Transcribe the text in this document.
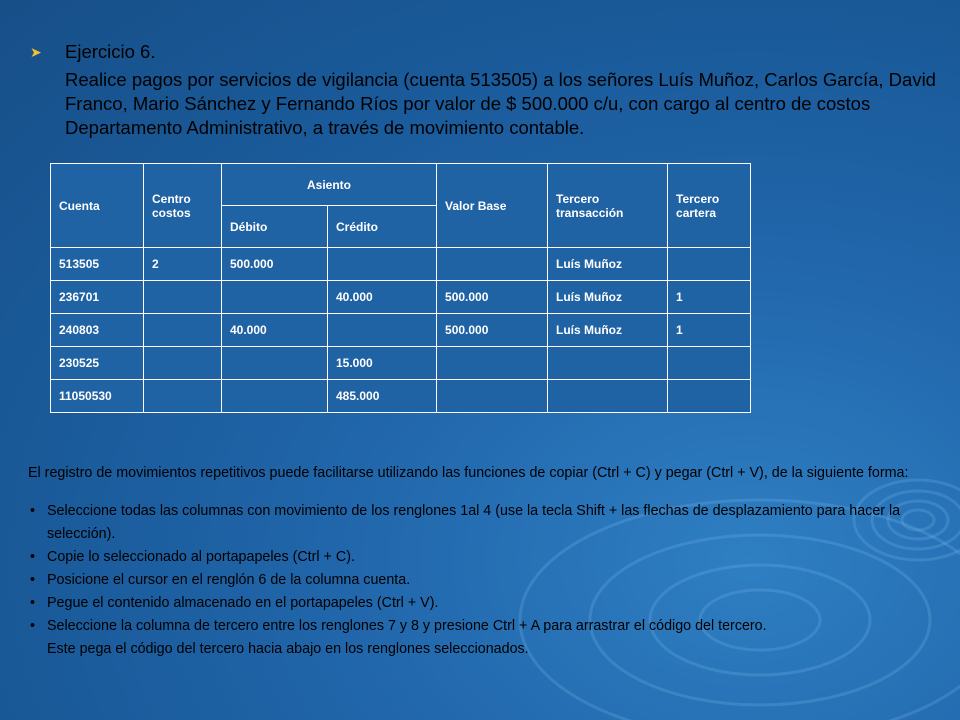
➤ Ejercicio 6.
Realice pagos por servicios de vigilancia (cuenta 513505) a los señores Luís Muñoz, Carlos García, David Franco, Mario Sánchez y Fernando Ríos por valor de $ 500.000 c/u, con cargo al centro de costos Departamento Administrativo, a través de movimiento contable.
Cuenta	Centro costos	Asiento		Valor Base	Tercero transacción	Tercero cartera
		Débito	Crédito			
513505	2	500.000			Luís Muñoz	
236701			40.000	500.000	Luís Muñoz	1
240803		40.000		500.000	Luís Muñoz	1
230525			15.000			
11050530			485.000			

El registro de movimientos repetitivos puede facilitarse utilizando las funciones de copiar (Ctrl + C) y pegar (Ctrl + V), de la siguiente forma:

• Seleccione todas las columnas con movimiento de los renglones 1al 4 (use la tecla Shift + las flechas de desplazamiento para hacer la selección).
• Copie lo seleccionado al portapapeles (Ctrl + C).
• Posicione el cursor en el renglón 6 de la columna cuenta.
• Pegue el contenido almacenado en el portapapeles (Ctrl + V).
• Seleccione la columna de tercero entre los renglones 7 y 8 y presione Ctrl + A para arrastrar el código del tercero.
Este pega el código del tercero hacia abajo en los renglones seleccionados.
